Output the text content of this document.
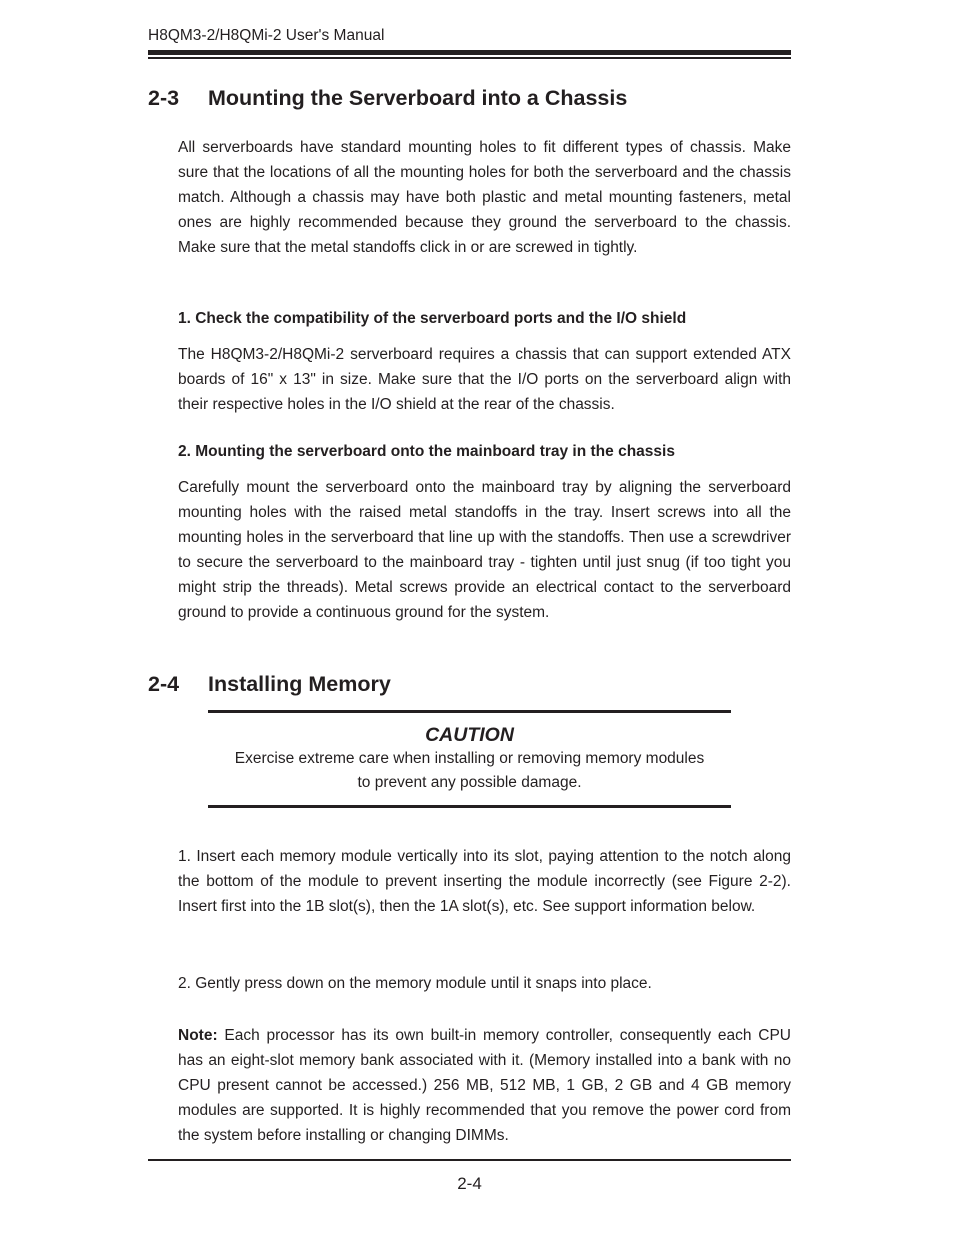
H8QM3-2/H8QMi-2 User's Manual
2-3 Mounting the Serverboard into a Chassis

All serverboards have standard mounting holes to fit different types of chassis. Make sure that the locations of all the mounting holes for both the serverboard and the chassis match. Although a chassis may have both plastic and metal mounting fasteners, metal ones are highly recommended because they ground the serverboard to the chassis. Make sure that the metal standoffs click in or are screwed in tightly.

1. Check the compatibility of the serverboard ports and the I/O shield

The H8QM3-2/H8QMi-2 serverboard requires a chassis that can support extended ATX boards of 16" x 13" in size. Make sure that the I/O ports on the serverboard align with their respective holes in the I/O shield at the rear of the chassis.

2. Mounting the serverboard onto the mainboard tray in the chassis

Carefully mount the serverboard onto the mainboard tray by aligning the serverboard mounting holes with the raised metal standoffs in the tray. Insert screws into all the mounting holes in the serverboard that line up with the standoffs. Then use a screwdriver to secure the serverboard to the mainboard tray - tighten until just snug (if too tight you might strip the threads). Metal screws provide an electrical contact to the serverboard ground to provide a continuous ground for the system.

2-4 Installing Memory
CAUTION
Exercise extreme care when installing or removing memory modules
to prevent any possible damage.

1. Insert each memory module vertically into its slot, paying attention to the notch along the bottom of the module to prevent inserting the module incorrectly (see Figure 2-2). Insert first into the 1B slot(s), then the 1A slot(s), etc. See support information below.

2. Gently press down on the memory module until it snaps into place.

Note: Each processor has its own built-in memory controller, consequently each CPU has an eight-slot memory bank associated with it. (Memory installed into a bank with no CPU present cannot be accessed.) 256 MB, 512 MB, 1 GB, 2 GB and 4 GB memory modules are supported. It is highly recommended that you remove the power cord from the system before installing or changing DIMMs.

2-4
